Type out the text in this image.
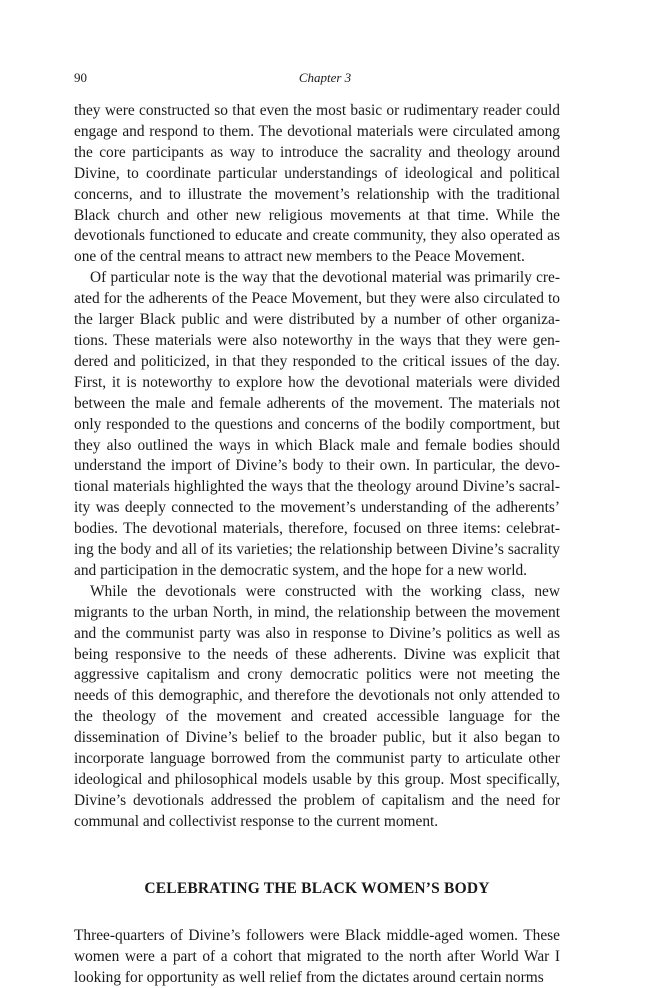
90	Chapter 3

they were constructed so that even the most basic or rudimentary reader could engage and respond to them. The devotional materials were circulated among the core participants as way to introduce the sacrality and theology around Divine, to coordinate particular understandings of ideological and political concerns, and to illustrate the movement’s relationship with the traditional Black church and other new religious movements at that time. While the devotionals functioned to educate and create community, they also operated as one of the central means to attract new members to the Peace Movement.

Of particular note is the way that the devotional material was primarily created for the adherents of the Peace Movement, but they were also circulated to the larger Black public and were distributed by a number of other organizations. These materials were also noteworthy in the ways that they were gendered and politicized, in that they responded to the critical issues of the day. First, it is noteworthy to explore how the devotional materials were divided between the male and female adherents of the movement. The materials not only responded to the questions and concerns of the bodily comportment, but they also outlined the ways in which Black male and female bodies should understand the import of Divine’s body to their own. In particular, the devotional materials highlighted the ways that the theology around Divine’s sacrality was deeply connected to the movement’s understanding of the adherents’ bodies. The devotional materials, therefore, focused on three items: celebrating the body and all of its varieties; the relationship between Divine’s sacrality and participation in the democratic system, and the hope for a new world.

While the devotionals were constructed with the working class, new migrants to the urban North, in mind, the relationship between the movement and the communist party was also in response to Divine’s politics as well as being responsive to the needs of these adherents. Divine was explicit that aggressive capitalism and crony democratic politics were not meeting the needs of this demographic, and therefore the devotionals not only attended to the theology of the movement and created accessible language for the dissemination of Divine’s belief to the broader public, but it also began to incorporate language borrowed from the communist party to articulate other ideological and philosophical models usable by this group. Most specifically, Divine’s devotionals addressed the problem of capitalism and the need for communal and collectivist response to the current moment.

CELEBRATING THE BLACK WOMEN’S BODY

Three-quarters of Divine’s followers were Black middle-aged women. These women were a part of a cohort that migrated to the north after World War I looking for opportunity as well relief from the dictates around certain norms
